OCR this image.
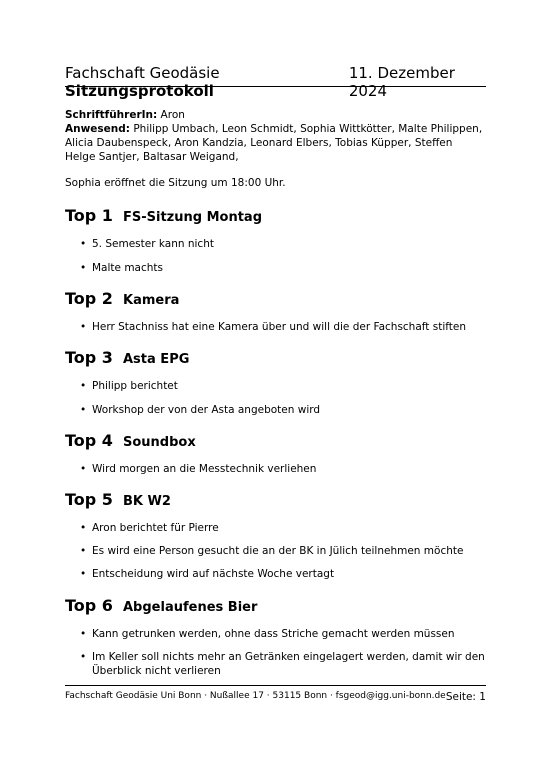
Fachschaft Geodäsie Sitzungsprotokoll
11. Dezember 2024
SchriftführerIn: Aron
Anwesend: Philipp Umbach, Leon Schmidt, Sophia Wittkötter, Malte Philippen, Alicia Daubenspeck, Aron Kandzia, Leonard Elbers, Tobias Küpper, Steffen Helge Santjer, Baltasar Weigand,
Sophia eröffnet die Sitzung um 18:00 Uhr.
Top 1 FS-Sitzung Montag
• 5. Semester kann nicht
• Malte machts
Top 2 Kamera
• Herr Stachniss hat eine Kamera über und will die der Fachschaft stiften
Top 3 Asta EPG
• Philipp berichtet
• Workshop der von der Asta angeboten wird
Top 4 Soundbox
• Wird morgen an die Messtechnik verliehen
Top 5 BK W2
• Aron berichtet für Pierre
• Es wird eine Person gesucht die an der BK in Jülich teilnehmen möchte
• Entscheidung wird auf nächste Woche vertagt
Top 6 Abgelaufenes Bier
• Kann getrunken werden, ohne dass Striche gemacht werden müssen
• Im Keller soll nichts mehr an Getränken eingelagert werden, damit wir den Überblick nicht verlieren
Fachschaft Geodäsie Uni Bonn · Nußallee 17 · 53115 Bonn · fsgeod@igg.uni-bonn.de Seite: 1
